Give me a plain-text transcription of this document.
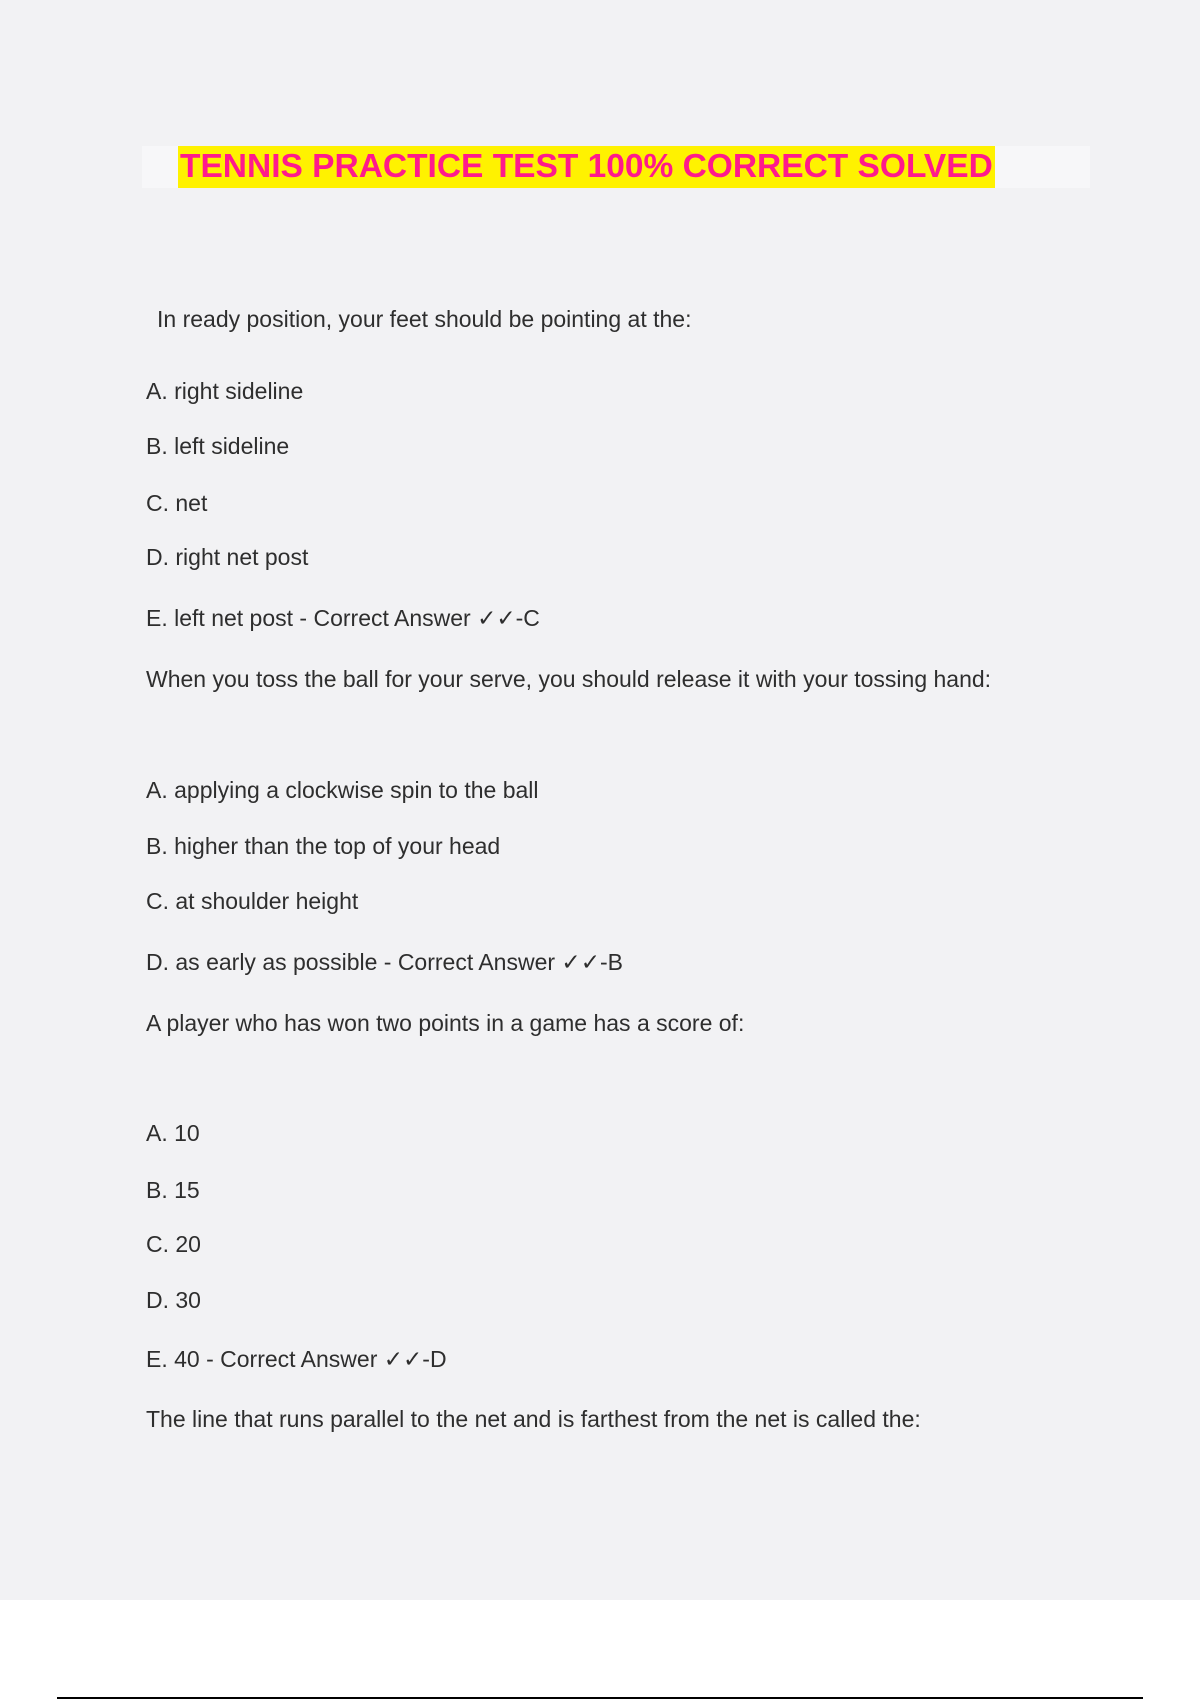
TENNIS PRACTICE TEST 100% CORRECT SOLVED
In ready position, your feet should be pointing at the:
A. right sideline
B. left sideline
C. net
D. right net post
E. left net post - Correct Answer ✓✓-C
When you toss the ball for your serve, you should release it with your tossing hand:
A. applying a clockwise spin to the ball
B. higher than the top of your head
C. at shoulder height
D. as early as possible - Correct Answer ✓✓-B
A player who has won two points in a game has a score of:
A. 10
B. 15
C. 20
D. 30
E. 40 - Correct Answer ✓✓-D
The line that runs parallel to the net and is farthest from the net is called the:
